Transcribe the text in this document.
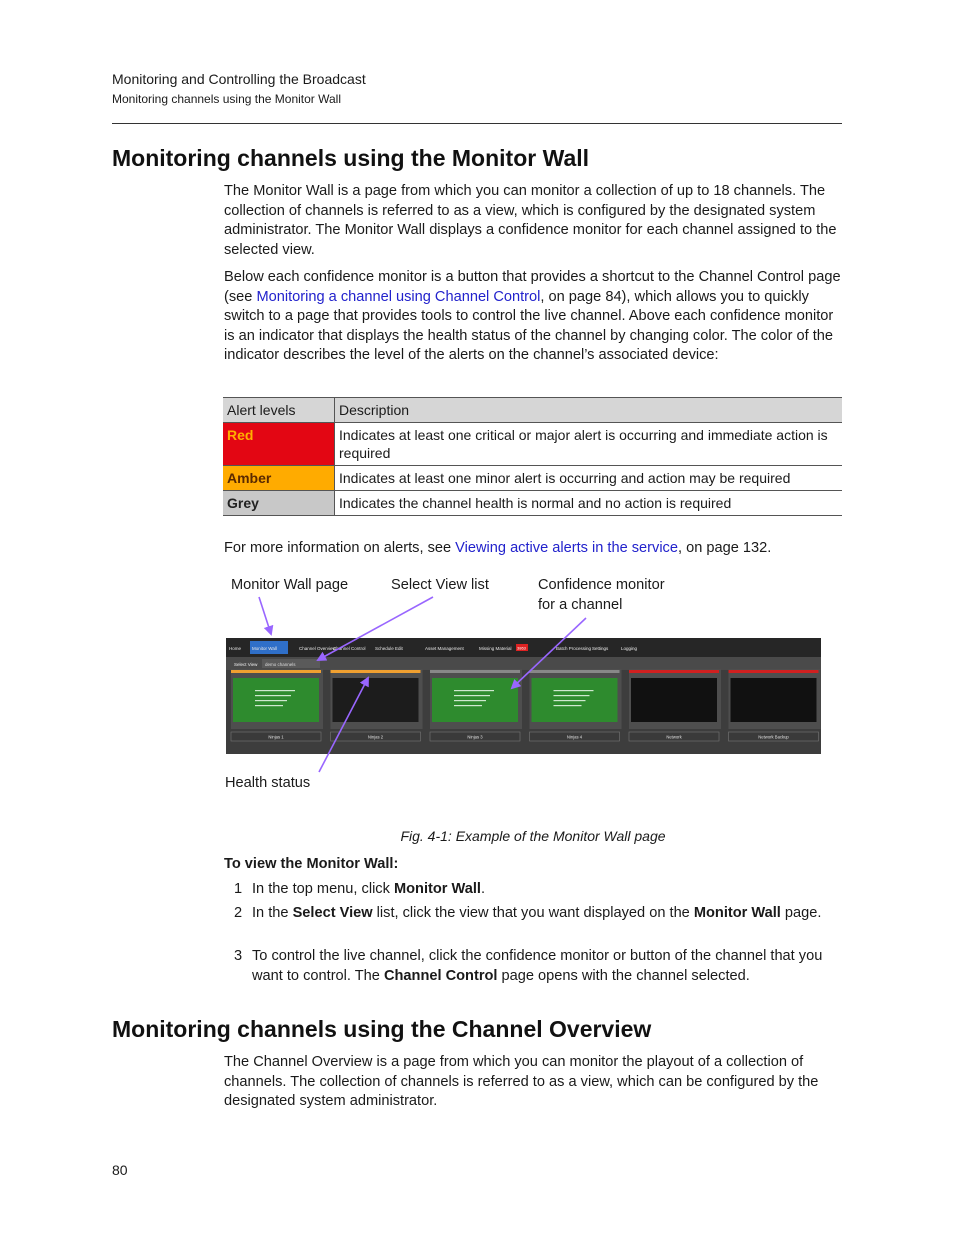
Monitoring and Controlling the Broadcast
Monitoring channels using the Monitor Wall
Monitoring channels using the Monitor Wall

The Monitor Wall is a page from which you can monitor a collection of up to 18 channels. The collection of channels is referred to as a view, which is configured by the designated system administrator. The Monitor Wall displays a confidence monitor for each channel assigned to the selected view.

Below each confidence monitor is a button that provides a shortcut to the Channel Control page (see Monitoring a channel using Channel Control, on page 84), which allows you to quickly switch to a page that provides tools to control the live channel. Above each confidence monitor is an indicator that displays the health status of the channel by changing color. The color of the indicator describes the level of the alerts on the channel’s associated device:

Alert levels	Description
Red	Indicates at least one critical or major alert is occurring and immediate action is required
Amber	Indicates at least one minor alert is occurring and action may be required
Grey	Indicates the channel health is normal and no action is required

For more information on alerts, see Viewing active alerts in the service, on page 132.

Monitor Wall page	Select View list	Confidence monitor
for a channel
Health status
Home Monitor Wall	Channel Overview
Channel Control Schedule Edit	Asset Management	Missing Material	Batch Processing Settings	Logging
3863
Select View demo channels
Ninjas 1	Ninjas 2	Ninjas 3	Ninjas 4	Network	Network Backup
Fig. 4-1: Example of the Monitor Wall page
To view the Monitor Wall:
1 In the top menu, click Monitor Wall.
2 In the Select View list, click the view that you want displayed on the Monitor Wall page.
3 To control the live channel, click the confidence monitor or button of the channel that you want to control. The Channel Control page opens with the channel selected.
Monitoring channels using the Channel Overview

The Channel Overview is a page from which you can monitor the playout of a collection of channels. The collection of channels is referred to as a view, which can be configured by the designated system administrator.

80
